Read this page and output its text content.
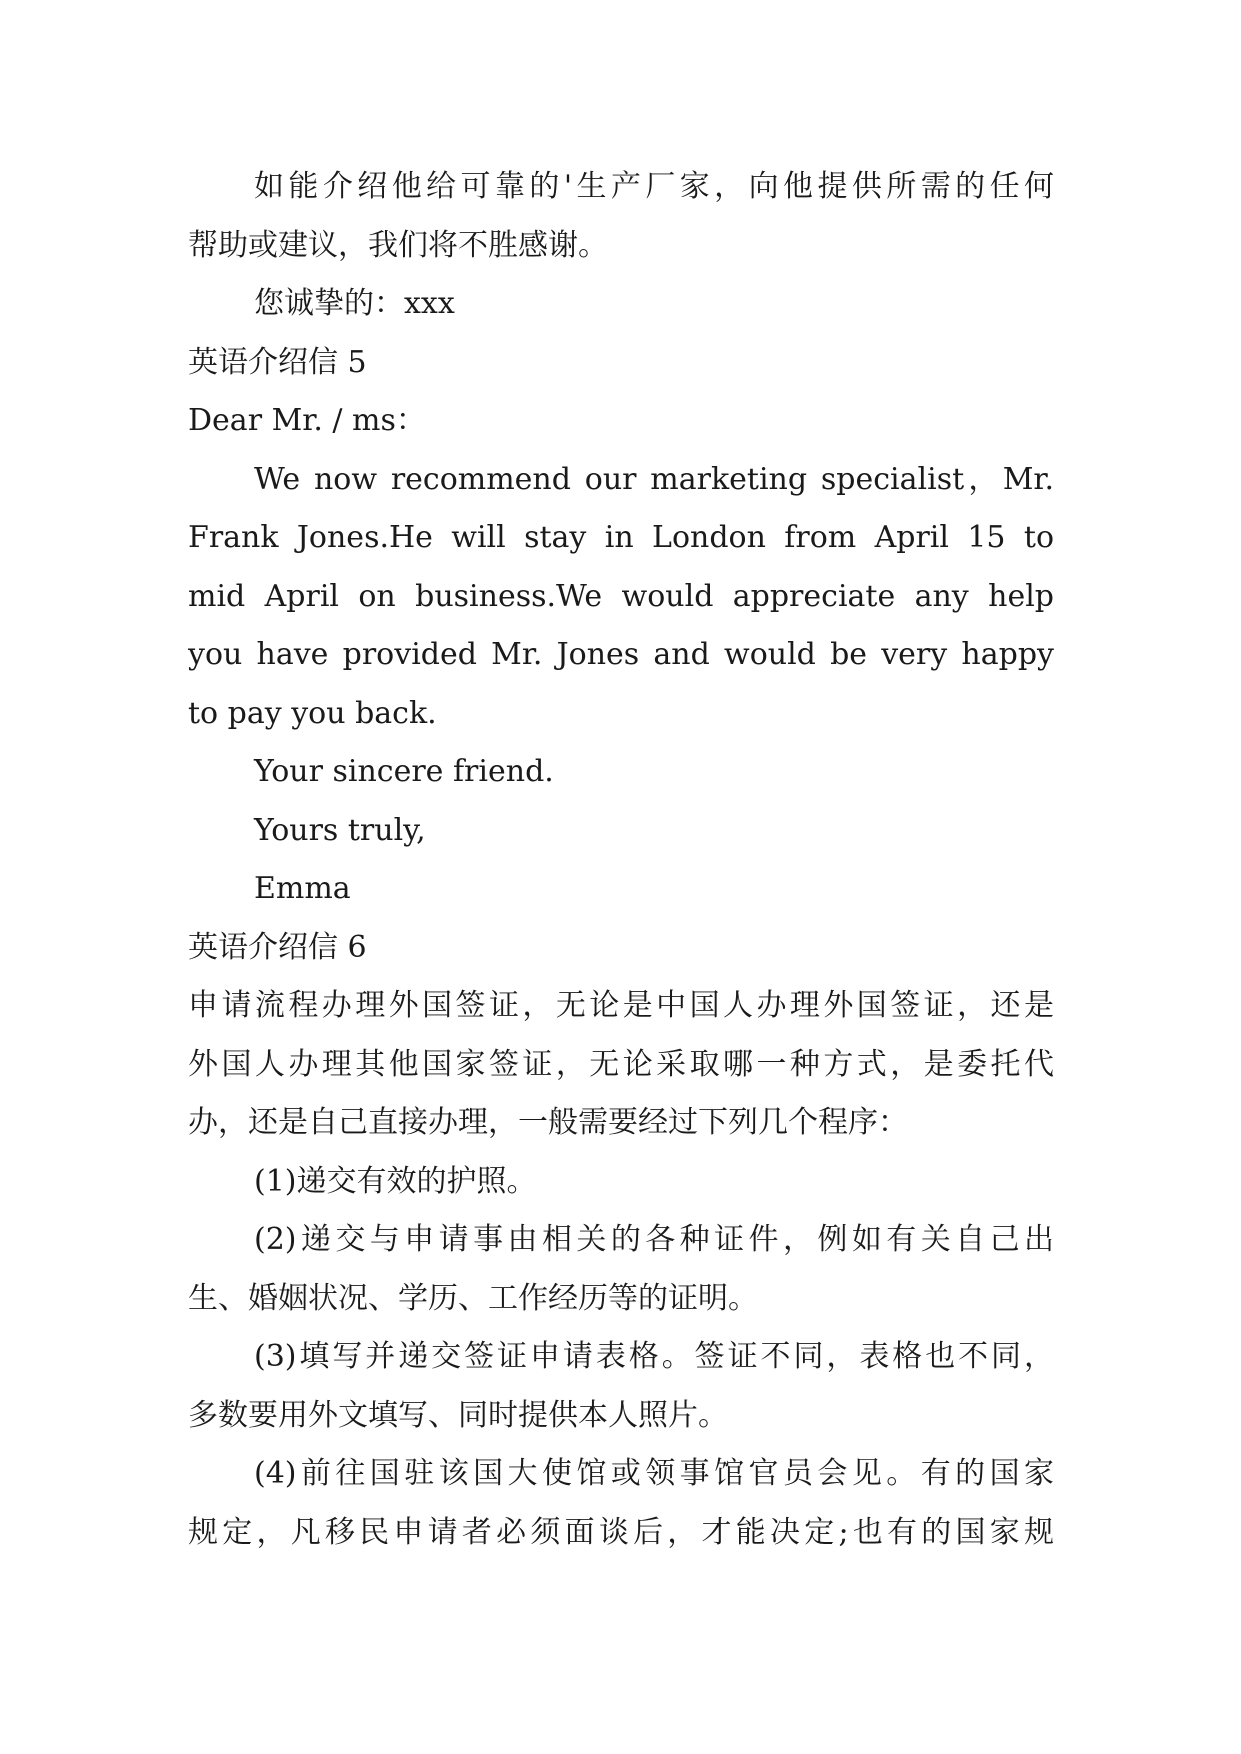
如能介绍他给可靠的'生产厂家，向他提供所需的任何
帮助或建议，我们将不胜感谢。
您诚挚的：xxx
英语介绍信 5
Dear Mr. / ms：
We now recommend our marketing specialist，Mr.
Frank Jones.He will stay in London from April 15 to
mid April on business.We would appreciate any help
you have provided Mr. Jones and would be very happy
to pay you back.
Your sincere friend.
Yours truly,
Emma
英语介绍信 6
申请流程办理外国签证，无论是中国人办理外国签证，还是
外国人办理其他国家签证，无论采取哪一种方式，是委托代
办，还是自己直接办理，一般需要经过下列几个程序：
(1)递交有效的护照。
(2)递交与申请事由相关的各种证件，例如有关自己出
生、婚姻状况、学历、工作经历等的证明。
(3)填写并递交签证申请表格。签证不同，表格也不同，
多数要用外文填写、同时提供本人照片。
(4)前往国驻该国大使馆或领事馆官员会见。有的国家
规定，凡移民申请者必须面谈后，才能决定;也有的国家规
